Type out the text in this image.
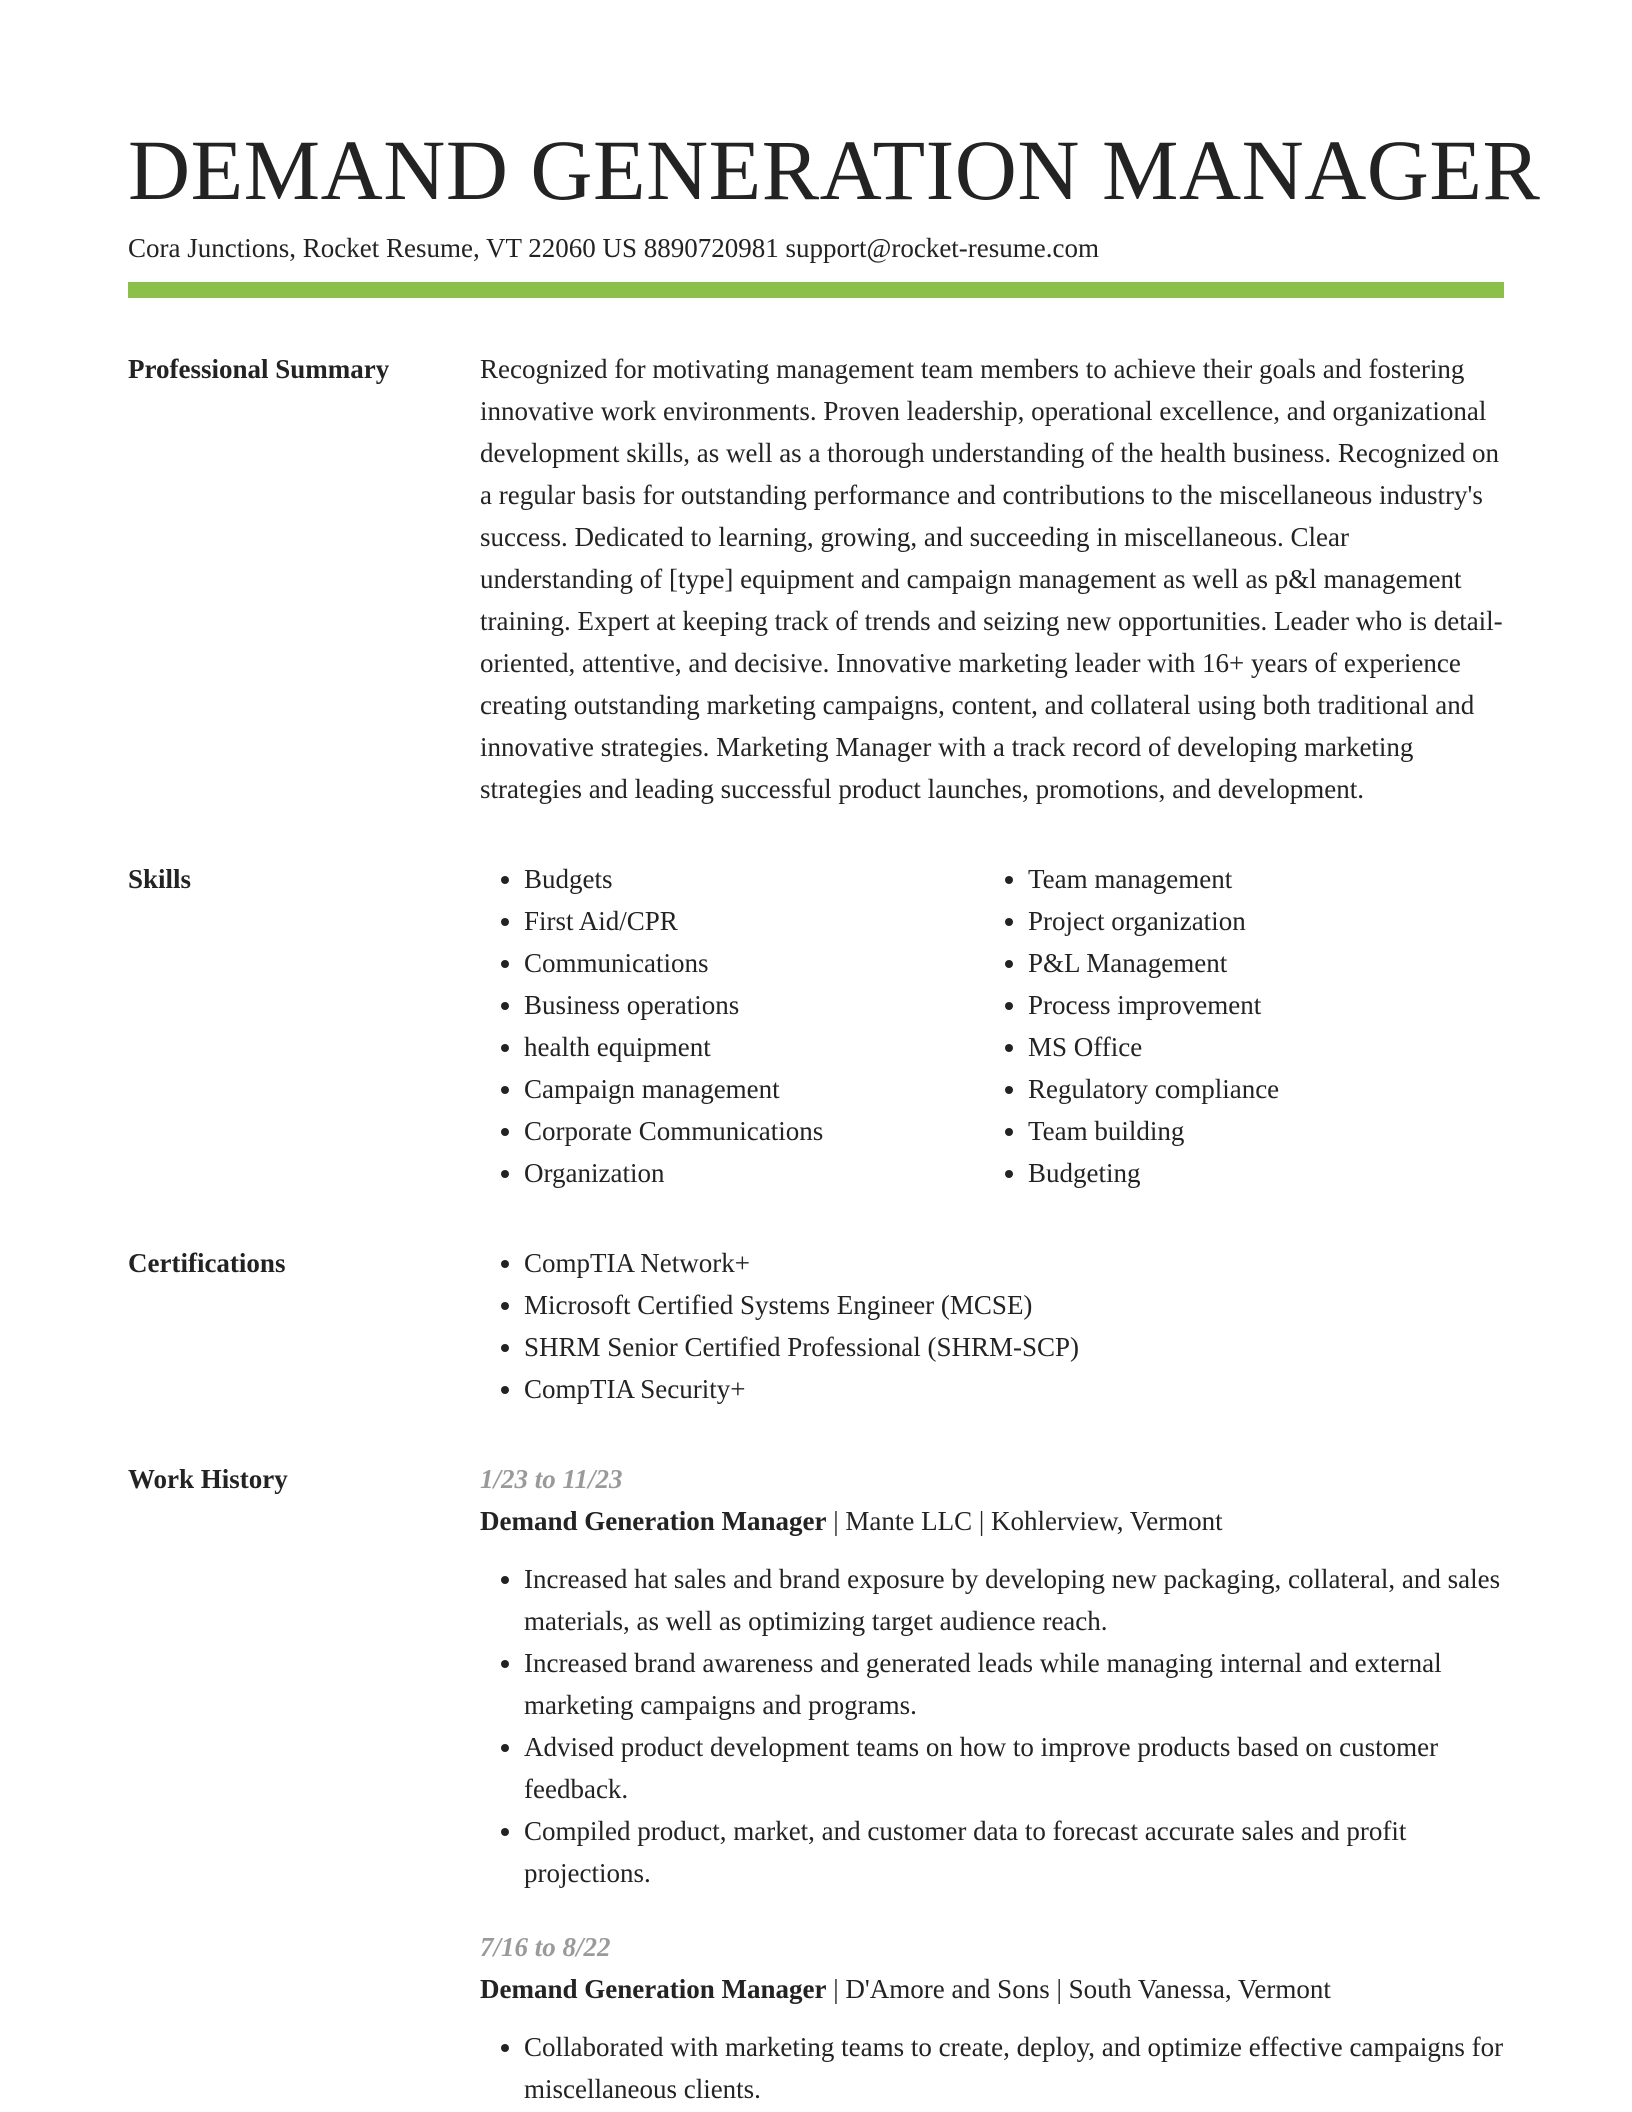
DEMAND GENERATION MANAGER
Cora Junctions, Rocket Resume, VT 22060 US 8890720981 support@rocket-resume.com
Professional Summary	Recognized for motivating management team members to achieve their goals and fostering innovative work environments. Proven leadership, operational excellence, and organizational development skills, as well as a thorough understanding of the health business. Recognized on a regular basis for outstanding performance and contributions to the miscellaneous industry's success. Dedicated to learning, growing, and succeeding in miscellaneous. Clear understanding of [type] equipment and campaign management as well as p&l management training. Expert at keeping track of trends and seizing new opportunities. Leader who is detail-oriented, attentive, and decisive. Innovative marketing leader with 16+ years of experience creating outstanding marketing campaigns, content, and collateral using both traditional and innovative strategies. Marketing Manager with a track record of developing marketing strategies and leading successful product launches, promotions, and development.

Skills	• Budgets
• First Aid/CPR
• Communications
• Business operations
• health equipment
• Campaign management
• Corporate Communications
• Organization
• Team management
• Project organization
• P&L Management
• Process improvement
• MS Office
• Regulatory compliance
• Team building
• Budgeting
Certifications	• CompTIA Network+
• Microsoft Certified Systems Engineer (MCSE)
• SHRM Senior Certified Professional (SHRM-SCP)
• CompTIA Security+
Work History	1/23 to 11/23
Demand Generation Manager | Mante LLC | Kohlerview, Vermont
• Increased hat sales and brand exposure by developing new packaging, collateral, and sales materials, as well as optimizing target audience reach.
• Increased brand awareness and generated leads while managing internal and external marketing campaigns and programs.
• Advised product development teams on how to improve products based on customer feedback.
• Compiled product, market, and customer data to forecast accurate sales and profit projections.
7/16 to 8/22
Demand Generation Manager | D'Amore and Sons | South Vanessa, Vermont
• Collaborated with marketing teams to create, deploy, and optimize effective campaigns for miscellaneous clients.
